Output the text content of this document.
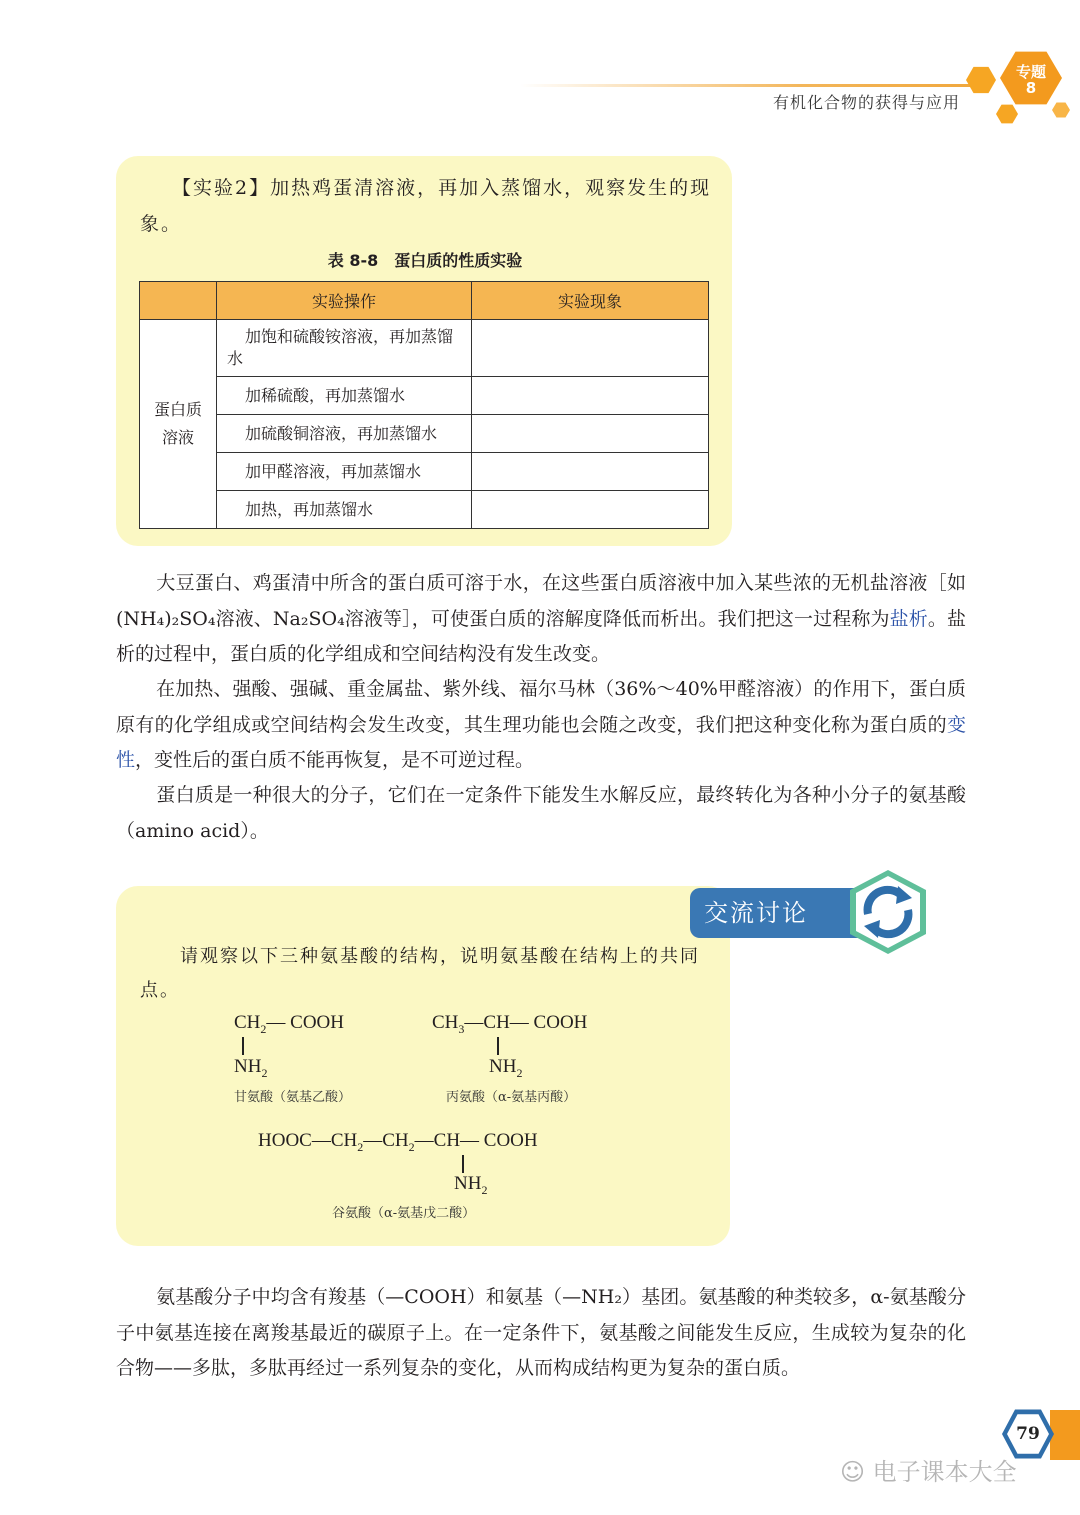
有机化合物的获得与应用
专题
8
【实验2】加热鸡蛋清溶液，再加入蒸馏水，观察发生的现象。
表 8-8　蛋白质的性质实验
	实验操作	实验现象

蛋白质溶液	加饱和硫酸铵溶液，再加蒸馏水	
	加稀硫酸，再加蒸馏水	
	加硫酸铜溶液，再加蒸馏水	
	加甲醛溶液，再加蒸馏水	
	加热，再加蒸馏水	
大豆蛋白、鸡蛋清中所含的蛋白质可溶于水，在这些蛋白质溶液中加入某些浓的无机盐溶液［如(NH₄)₂SO₄溶液、Na₂SO₄溶液等］，可使蛋白质的溶解度降低而析出。我们把这一过程称为盐析。盐析的过程中，蛋白质的化学组成和空间结构没有发生改变。
在加热、强酸、强碱、重金属盐、紫外线、福尔马林（36%～40%甲醛溶液）的作用下，蛋白质原有的化学组成或空间结构会发生改变，其生理功能也会随之改变，我们把这种变化称为蛋白质的变性，变性后的蛋白质不能再恢复，是不可逆过程。
蛋白质是一种很大的分子，它们在一定条件下能发生水解反应，最终转化为各种小分子的氨基酸（amino acid）。
交流讨论
请观察以下三种氨基酸的结构，说明氨基酸在结构上的共同点。
$CH_2—$ COOH
$NH_2$
甘氨酸（氨基乙酸）
$CH_3—CH—$ COOH
$NH_2$
丙氨酸（α-氨基丙酸）
$HOOC—CH_2—CH_2—CH—$ COOH
$NH_2$
谷氨酸（α-氨基戊二酸）
氨基酸分子中均含有羧基（—COOH）和氨基（—NH₂）基团。氨基酸的种类较多，α-氨基酸分子中氨基连接在离羧基最近的碳原子上。在一定条件下，氨基酸之间能发生反应，生成较为复杂的化合物——多肽，多肽再经过一系列复杂的变化，从而构成结构更为复杂的蛋白质。
79
☺ 电子课本大全
